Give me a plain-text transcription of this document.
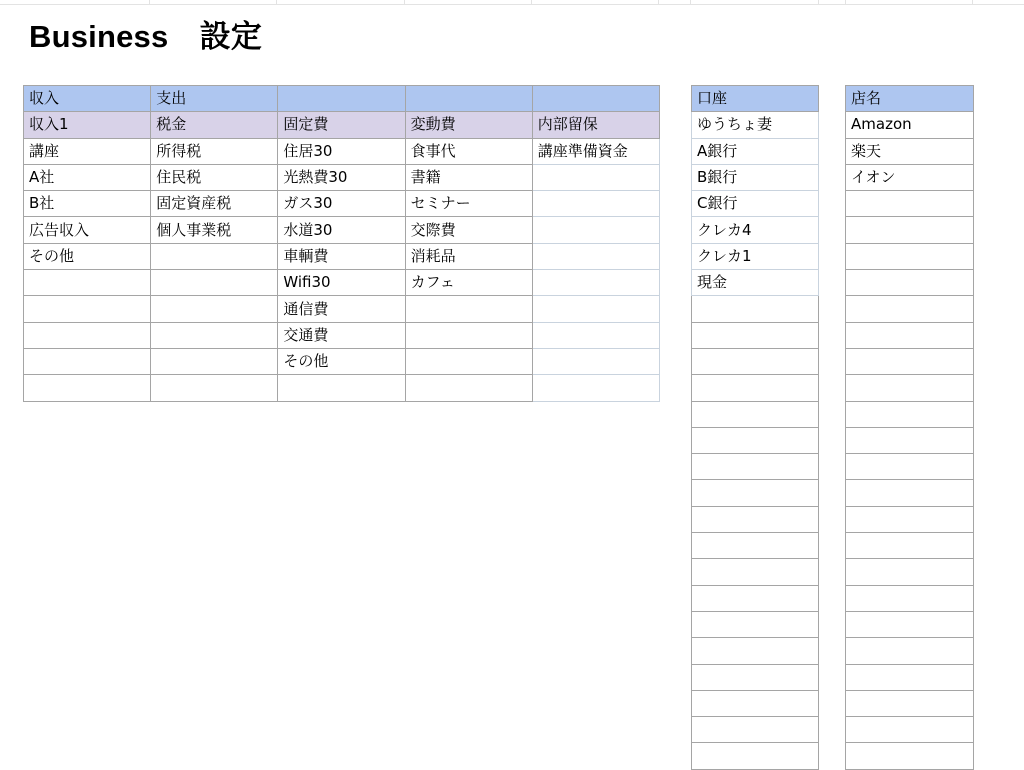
Business　設定
収入	支出			
収入1	税金	固定費	変動費	内部留保
講座	所得税	住居30	食事代	講座準備資金
A社	住民税	光熱費30	書籍	
B社	固定資産税	ガス30	セミナー	
広告収入	個人事業税	水道30	交際費	
その他		車輌費	消耗品	
		Wifi30	カフェ	
		通信費		
		交通費		
		その他		

口座
ゆうちょ妻
A銀行
B銀行
C銀行
クレカ4
クレカ1
現金

店名
Amazon
楽天
イオン
